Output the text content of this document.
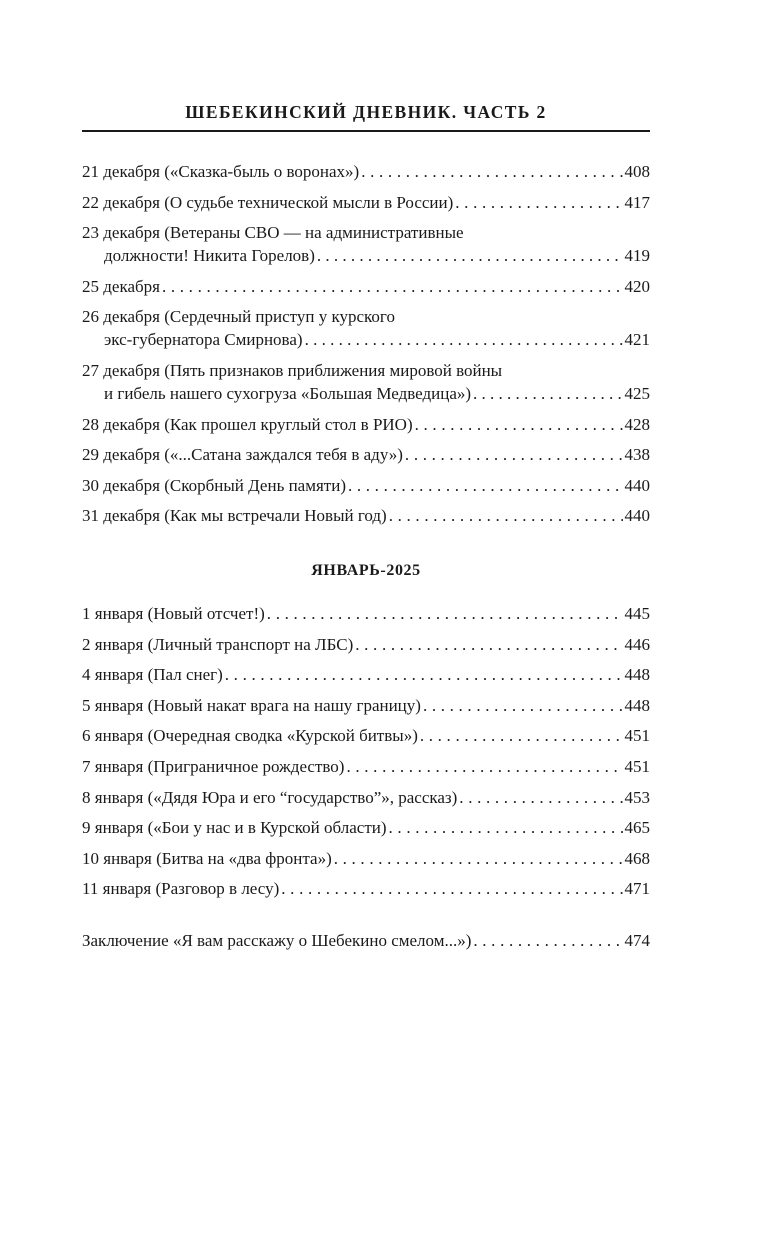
ШЕБЕКИНСКИЙ ДНЕВНИК. ЧАСТЬ 2
21 декабря («Сказка-быль о воронах») . . .	408
22 декабря (О судьбе технической мысли в России) . . .	417
23 декабря (Ветераны СВО — на административные
должности! Никита Горелов) . . .	419
25 декабря . . .	420
26 декабря (Сердечный приступ у курского
экс-губернатора Смирнова) . . .	421
27 декабря (Пять признаков приближения мировой войны
и гибель нашего сухогруза «Большая Медведица») . . .	425
28 декабря (Как прошел круглый стол в РИО) . . .	428
29 декабря («...Сатана заждался тебя в аду») . . .	438
30 декабря (Скорбный День памяти) . . .	440
31 декабря (Как мы встречали Новый год) . . .	440
ЯНВАРЬ-2025
1 января (Новый отсчет!) . . .	445
2 января (Личный транспорт на ЛБС) . . .	446
4 января (Пал снег) . . .	448
5 января (Новый накат врага на нашу границу) . . .	448
6 января (Очередная сводка «Курской битвы») . . .	451
7 января (Приграничное рождество) . . .	451
8 января («Дядя Юра и его “государство”», рассказ) . . .	453
9 января («Бои у нас и в Курской области) . . .	465
10 января (Битва на «два фронта») . . .	468
11 января (Разговор в лесу) . . .	471
Заключение «Я вам расскажу о Шебекино смелом...») . . .	474
